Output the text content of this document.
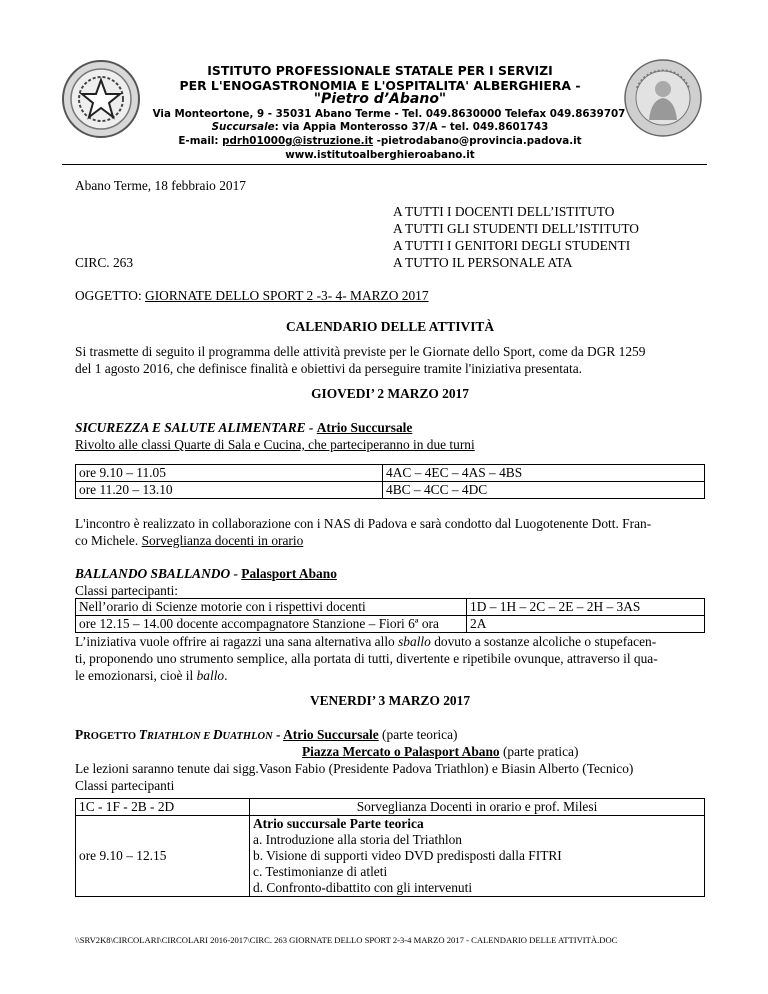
ISTITUTO PROFESSIONALE STATALE PER I SERVIZI
PER L'ENOGASTRONOMIA E L'OSPITALITA' ALBERGHIERA -
"Pietro d’Abano"
Via Monteortone, 9 - 35031 Abano Terme - Tel. 049.8630000 Telefax 049.8639707
Succursale: via Appia Monterosso 37/A – tel. 049.8601743
E-mail: pdrh01000g@istruzione.it -pietrodabano@provincia.padova.it
www.istitutoalberghieroabano.it
Abano Terme, 18 febbraio 2017
A TUTTI I DOCENTI DELL’ISTITUTO
A TUTTI GLI STUDENTI DELL’ISTITUTO
A TUTTI I GENITORI DEGLI STUDENTI
A TUTTO IL PERSONALE ATA
CIRC. 263
OGGETTO: GIORNATE DELLO SPORT 2 -3- 4- MARZO 2017
CALENDARIO DELLE ATTIVITÀ
Si trasmette di seguito il programma delle attività previste per le Giornate dello Sport, come da DGR 1259
del 1 agosto 2016, che definisce finalità e obiettivi da perseguire tramite l'iniziativa presentata.
GIOVEDI’ 2 MARZO 2017
SICUREZZA E SALUTE ALIMENTARE - Atrio Succursale
Rivolto alle classi Quarte di Sala e Cucina, che parteciperanno in due turni
ore 9.10 – 11.05	4AC – 4EC – 4AS – 4BS
ore 11.20 – 13.10	4BC – 4CC – 4DC
L'incontro è realizzato in collaborazione con i NAS di Padova e sarà condotto dal Luogotenente Dott. Fran-
co Michele. Sorveglianza docenti in orario
BALLANDO SBALLANDO - Palasport Abano
Classi partecipanti:
Nell’orario di Scienze motorie con i rispettivi docenti	1D – 1H – 2C – 2E – 2H – 3AS
ore 12.15 – 14.00 docente accompagnatore Stanzione – Fiori 6ª ora	2A
L’iniziativa vuole offrire ai ragazzi una sana alternativa allo sballo dovuto a sostanze alcoliche o stupefacen-
ti, proponendo uno strumento semplice, alla portata di tutti, divertente e ripetibile ovunque, attraverso il qua-
le emozionarsi, cioè il ballo.
VENERDI’ 3 MARZO 2017
PROGETTO TRIATHLON E DUATHLON - Atrio Succursale (parte teorica)
Piazza Mercato o Palasport Abano (parte pratica)
Le lezioni saranno tenute dai sigg.Vason Fabio (Presidente Padova Triathlon) e Biasin Alberto (Tecnico)
Classi partecipanti
1C - 1F - 2B - 2D	Sorveglianza Docenti in orario e prof. Milesi
ore 9.10 – 12.15	Atrio succursale Parte teorica
a. Introduzione alla storia del Triathlon
b. Visione di supporti video DVD predisposti dalla FITRI
c. Testimonianze di atleti
d. Confronto-dibattito con gli intervenuti
\\SRV2K8\CIRCOLARI\CIRCOLARI 2016-2017\CIRC. 263 GIORNATE DELLO SPORT 2-3-4 MARZO 2017 - CALENDARIO DELLE ATTIVITÀ.DOC
